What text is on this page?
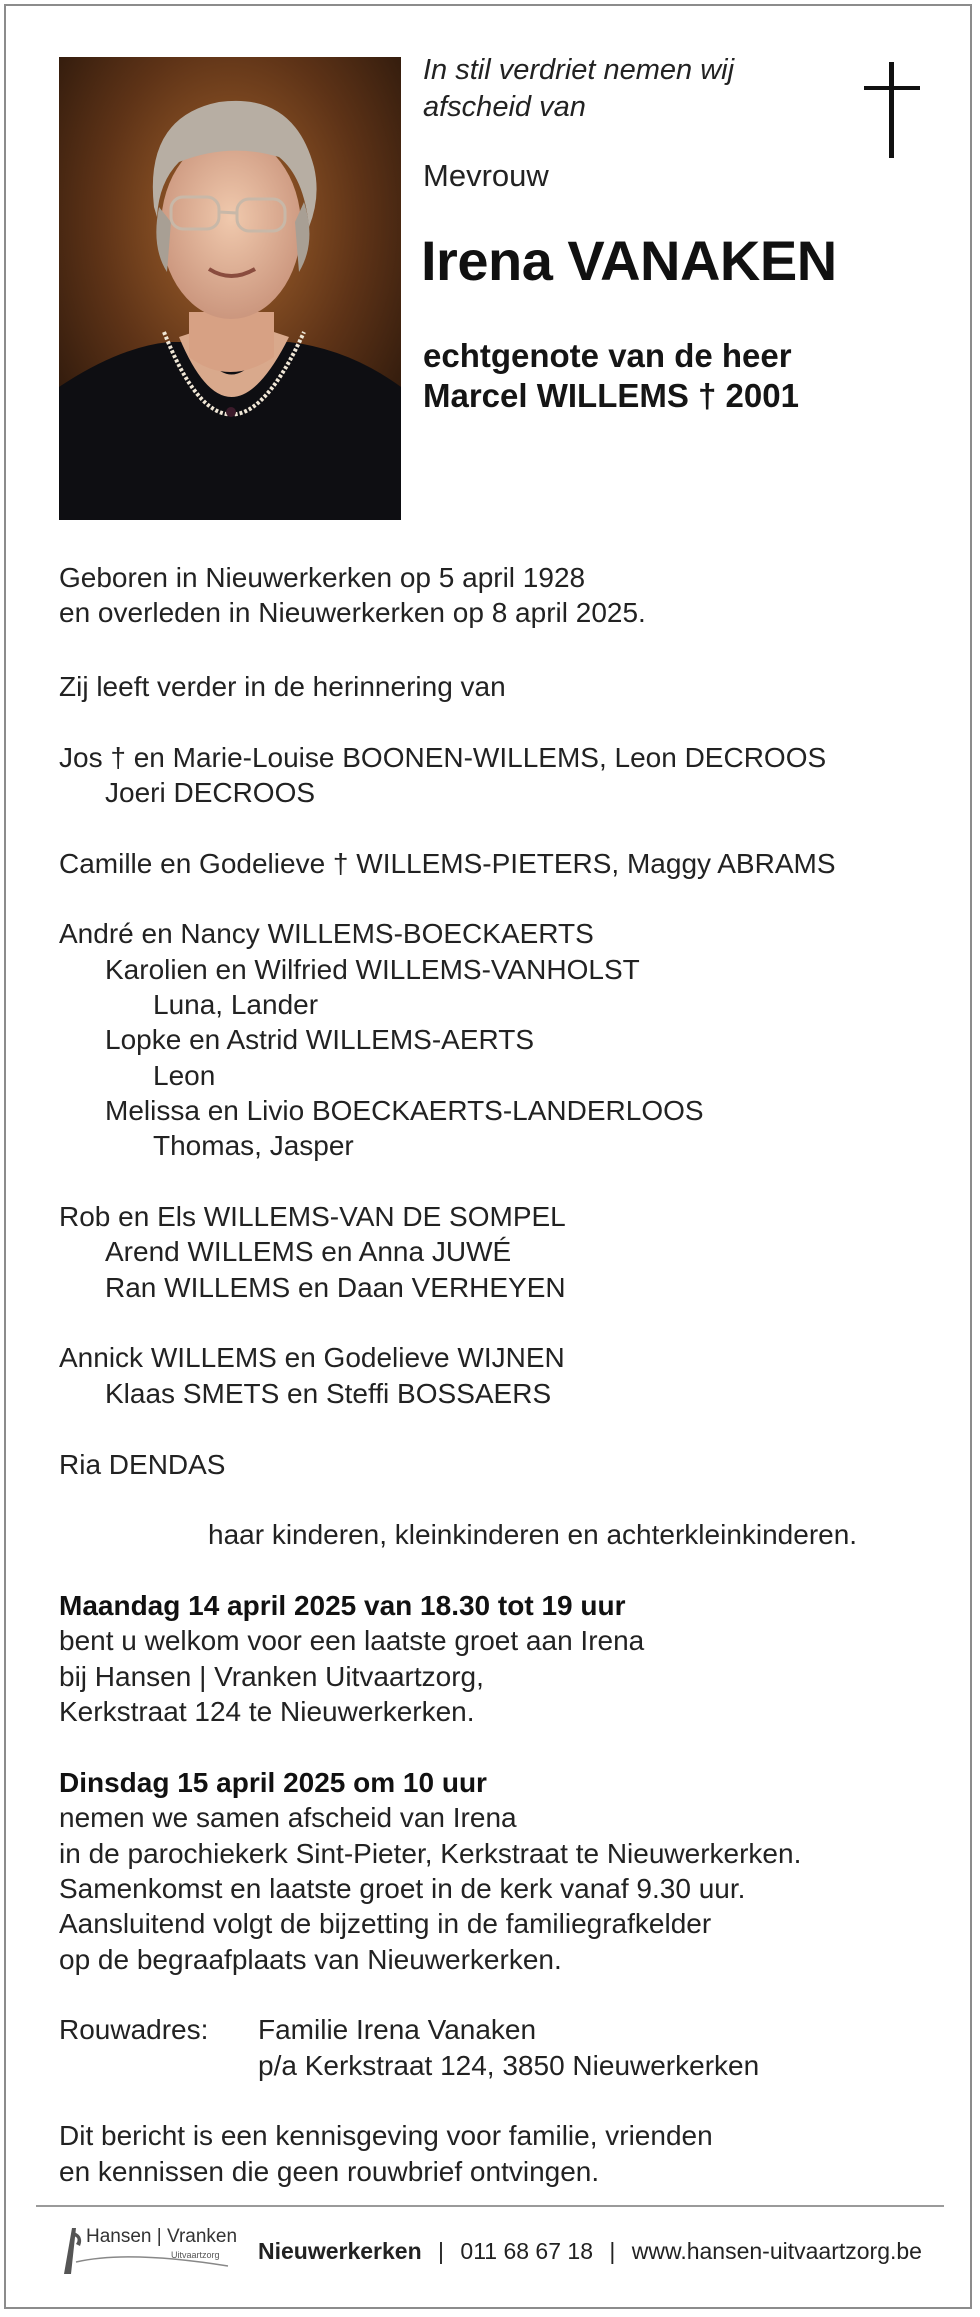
In stil verdriet nemen wij
afscheid van
Mevrouw
Irena VANAKEN
echtgenote van de heer
Marcel WILLEMS † 2001
Geboren in Nieuwerkerken op 5 april 1928
en overleden in Nieuwerkerken op 8 april 2025.
Zij leeft verder in de herinnering van
Jos † en Marie-Louise BOONEN-WILLEMS, Leon DECROOS
Joeri DECROOS
Camille en Godelieve † WILLEMS-PIETERS, Maggy ABRAMS
André en Nancy WILLEMS-BOECKAERTS
Karolien en Wilfried WILLEMS-VANHOLST
Luna, Lander
Lopke en Astrid WILLEMS-AERTS
Leon
Melissa en Livio BOECKAERTS-LANDERLOOS
Thomas, Jasper
Rob en Els WILLEMS-VAN DE SOMPEL
Arend WILLEMS en Anna JUWÉ
Ran WILLEMS en Daan VERHEYEN
Annick WILLEMS en Godelieve WIJNEN
Klaas SMETS en Steffi BOSSAERS
Ria DENDAS
haar kinderen, kleinkinderen en achterkleinkinderen.
Maandag 14 april 2025 van 18.30 tot 19 uur
bent u welkom voor een laatste groet aan Irena
bij Hansen | Vranken Uitvaartzorg,
Kerkstraat 124 te Nieuwerkerken.
Dinsdag 15 april 2025 om 10 uur
nemen we samen afscheid van Irena
in de parochiekerk Sint-Pieter, Kerkstraat te Nieuwerkerken.
Samenkomst en laatste groet in de kerk vanaf 9.30 uur.
Aansluitend volgt de bijzetting in de familiegrafkelder
op de begraafplaats van Nieuwerkerken.
Rouwadres: Familie Irena Vanaken
p/a Kerkstraat 124, 3850 Nieuwerkerken
Dit bericht is een kennisgeving voor familie, vrienden
en kennissen die geen rouwbrief ontvingen.
Hansen | Vranken
Uitvaartzorg Nieuwerkerken | 011 68 67 18 | www.hansen-uitvaartzorg.be
